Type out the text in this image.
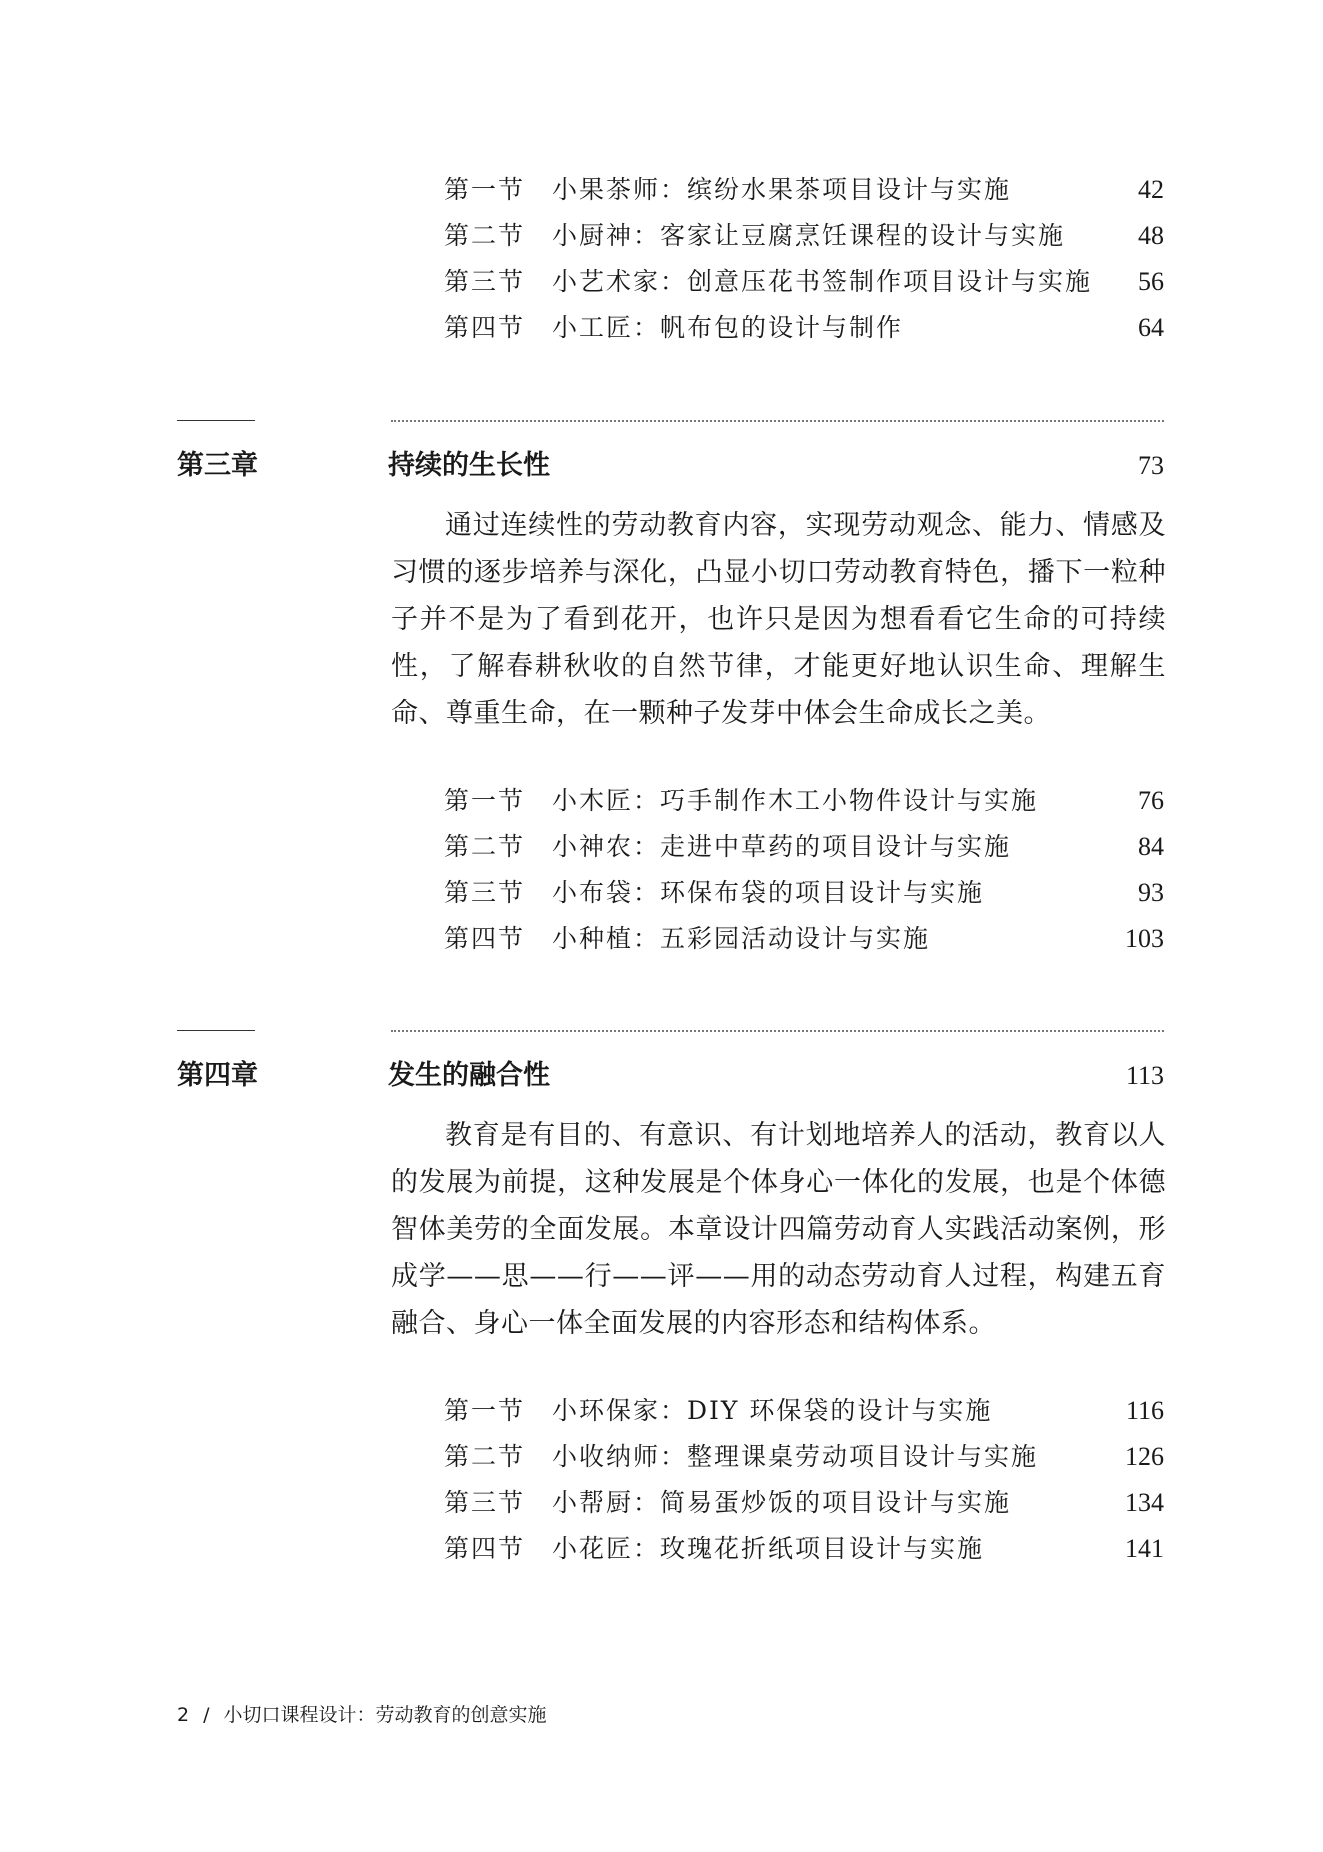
第一节 小果茶师：缤纷水果茶项目设计与实施	42
第二节 小厨神：客家让豆腐烹饪课程的设计与实施	48
第三节 小艺术家：创意压花书签制作项目设计与实施 56
第四节 小工匠：帆布包的设计与制作	64
第三章	持续的生长性	73

通过连续性的劳动教育内容，实现劳动观念、能力、情感及习惯的逐步培养与深化，凸显小切口劳动教育特色，播下一粒种子并不是为了看到花开，也许只是因为想看看它生命的可持续性，了解春耕秋收的自然节律，才能更好地认识生命、理解生命、尊重生命，在一颗种子发芽中体会生命成长之美。

第一节 小木匠：巧手制作木工小物件设计与实施	76
第二节 小神农：走进中草药的项目设计与实施	84
第三节 小布袋：环保布袋的项目设计与实施	93
第四节 小种植：五彩园活动设计与实施	103
第四章	发生的融合性	113

教育是有目的、有意识、有计划地培养人的活动，教育以人的发展为前提，这种发展是个体身心一体化的发展，也是个体德智体美劳的全面发展。本章设计四篇劳动育人实践活动案例，形成学——思——行——评——用的动态劳动育人过程，构建五育融合、身心一体全面发展的内容形态和结构体系。

第一节 小环保家：DIY 环保袋的设计与实施	116
第二节 小收纳师：整理课桌劳动项目设计与实施	126
第三节 小帮厨：简易蛋炒饭的项目设计与实施	134
第四节 小花匠：玫瑰花折纸项目设计与实施	141
2 / 小切口课程设计：劳动教育的创意实施
